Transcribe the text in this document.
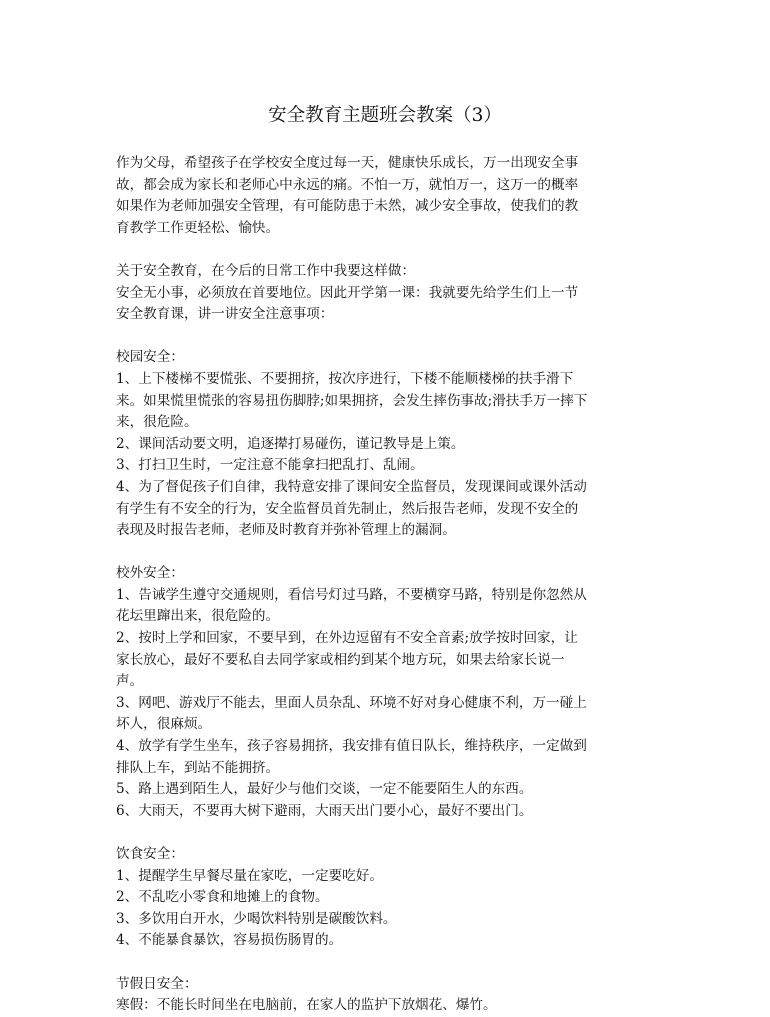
安全教育主题班会教案（3）

作为父母，希望孩子在学校安全度过每一天，健康快乐成长，万一出现安全事
故，都会成为家长和老师心中永远的痛。不怕一万，就怕万一，这万一的概率
如果作为老师加强安全管理，有可能防患于未然，减少安全事故，使我们的教
育教学工作更轻松、愉快。

关于安全教育，在今后的日常工作中我要这样做：

安全无小事，必须放在首要地位。因此开学第一课：我就要先给学生们上一节
安全教育课，讲一讲安全注意事项：

校园安全：

1、上下楼梯不要慌张、不要拥挤，按次序进行，下楼不能顺楼梯的扶手滑下
来。如果慌里慌张的容易扭伤脚脖;如果拥挤，会发生摔伤事故;滑扶手万一摔下
来，很危险。

2、课间活动要文明，追逐撵打易碰伤，谨记教导是上策。

3、打扫卫生时，一定注意不能拿扫把乱打、乱闹。

4、为了督促孩子们自律，我特意安排了课间安全监督员，发现课间或课外活动
有学生有不安全的行为，安全监督员首先制止，然后报告老师，发现不安全的
表现及时报告老师，老师及时教育并弥补管理上的漏洞。

校外安全：

1、告诫学生遵守交通规则，看信号灯过马路，不要横穿马路，特别是你忽然从
花坛里蹿出来，很危险的。

2、按时上学和回家，不要早到，在外边逗留有不安全音素;放学按时回家，让
家长放心，最好不要私自去同学家或相约到某个地方玩，如果去给家长说一
声。

3、网吧、游戏厅不能去，里面人员杂乱、环境不好对身心健康不利，万一碰上
坏人，很麻烦。

4、放学有学生坐车，孩子容易拥挤，我安排有值日队长，维持秩序，一定做到
排队上车，到站不能拥挤。

5、路上遇到陌生人，最好少与他们交谈，一定不能要陌生人的东西。

6、大雨天，不要再大树下避雨，大雨天出门要小心，最好不要出门。

饮食安全：

1、提醒学生早餐尽量在家吃，一定要吃好。

2、不乱吃小零食和地摊上的食物。

3、多饮用白开水，少喝饮料特别是碳酸饮料。

4、不能暴食暴饮，容易损伤肠胃的。

节假日安全：

寒假：不能长时间坐在电脑前，在家人的监护下放烟花、爆竹。
